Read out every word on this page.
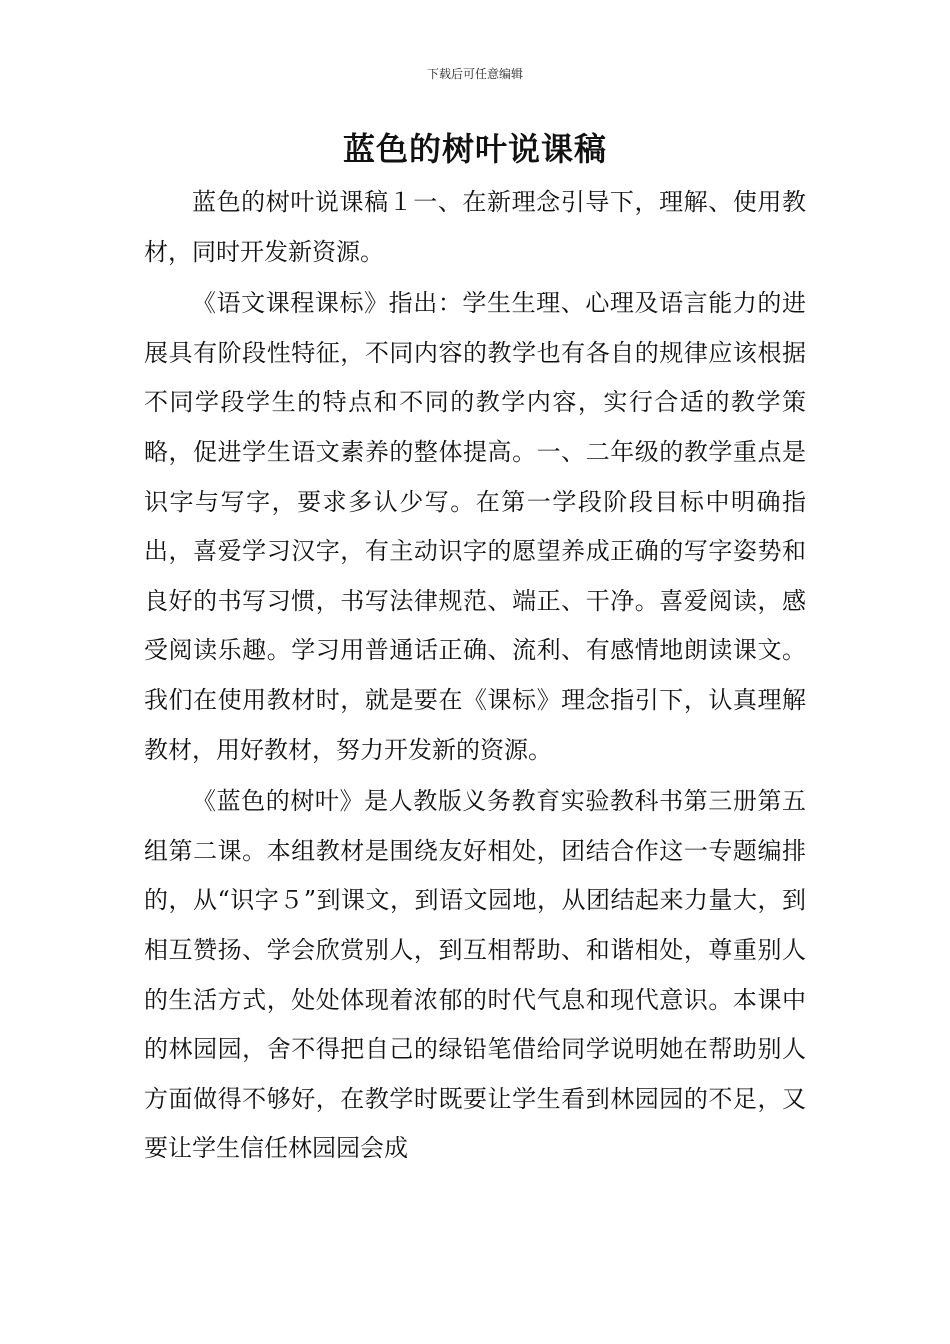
下载后可任意编辑
蓝色的树叶说课稿

蓝色的树叶说课稿１一、在新理念引导下，理解、使用教材，同时开发新资源。

《语文课程课标》指出：学生生理、心理及语言能力的进展具有阶段性特征，不同内容的教学也有各自的规律应该根据不同学段学生的特点和不同的教学内容，实行合适的教学策略，促进学生语文素养的整体提高。一、二年级的教学重点是识字与写字，要求多认少写。在第一学段阶段目标中明确指出，喜爱学习汉字，有主动识字的愿望养成正确的写字姿势和良好的书写习惯，书写法律规范、端正、干净。喜爱阅读，感受阅读乐趣。学习用普通话正确、流利、有感情地朗读课文。我们在使用教材时，就是要在《课标》理念指引下，认真理解教材，用好教材，努力开发新的资源。

《蓝色的树叶》是人教版义务教育实验教科书第三册第五组第二课。本组教材是围绕友好相处，团结合作这一专题编排的，从“识字５”到课文，到语文园地，从团结起来力量大，到相互赞扬、学会欣赏别人，到互相帮助、和谐相处，尊重别人的生活方式，处处体现着浓郁的时代气息和现代意识。本课中的林园园，舍不得把自己的绿铅笔借给同学说明她在帮助别人方面做得不够好，在教学时既要让学生看到林园园的不足，又要让学生信任林园园会成
